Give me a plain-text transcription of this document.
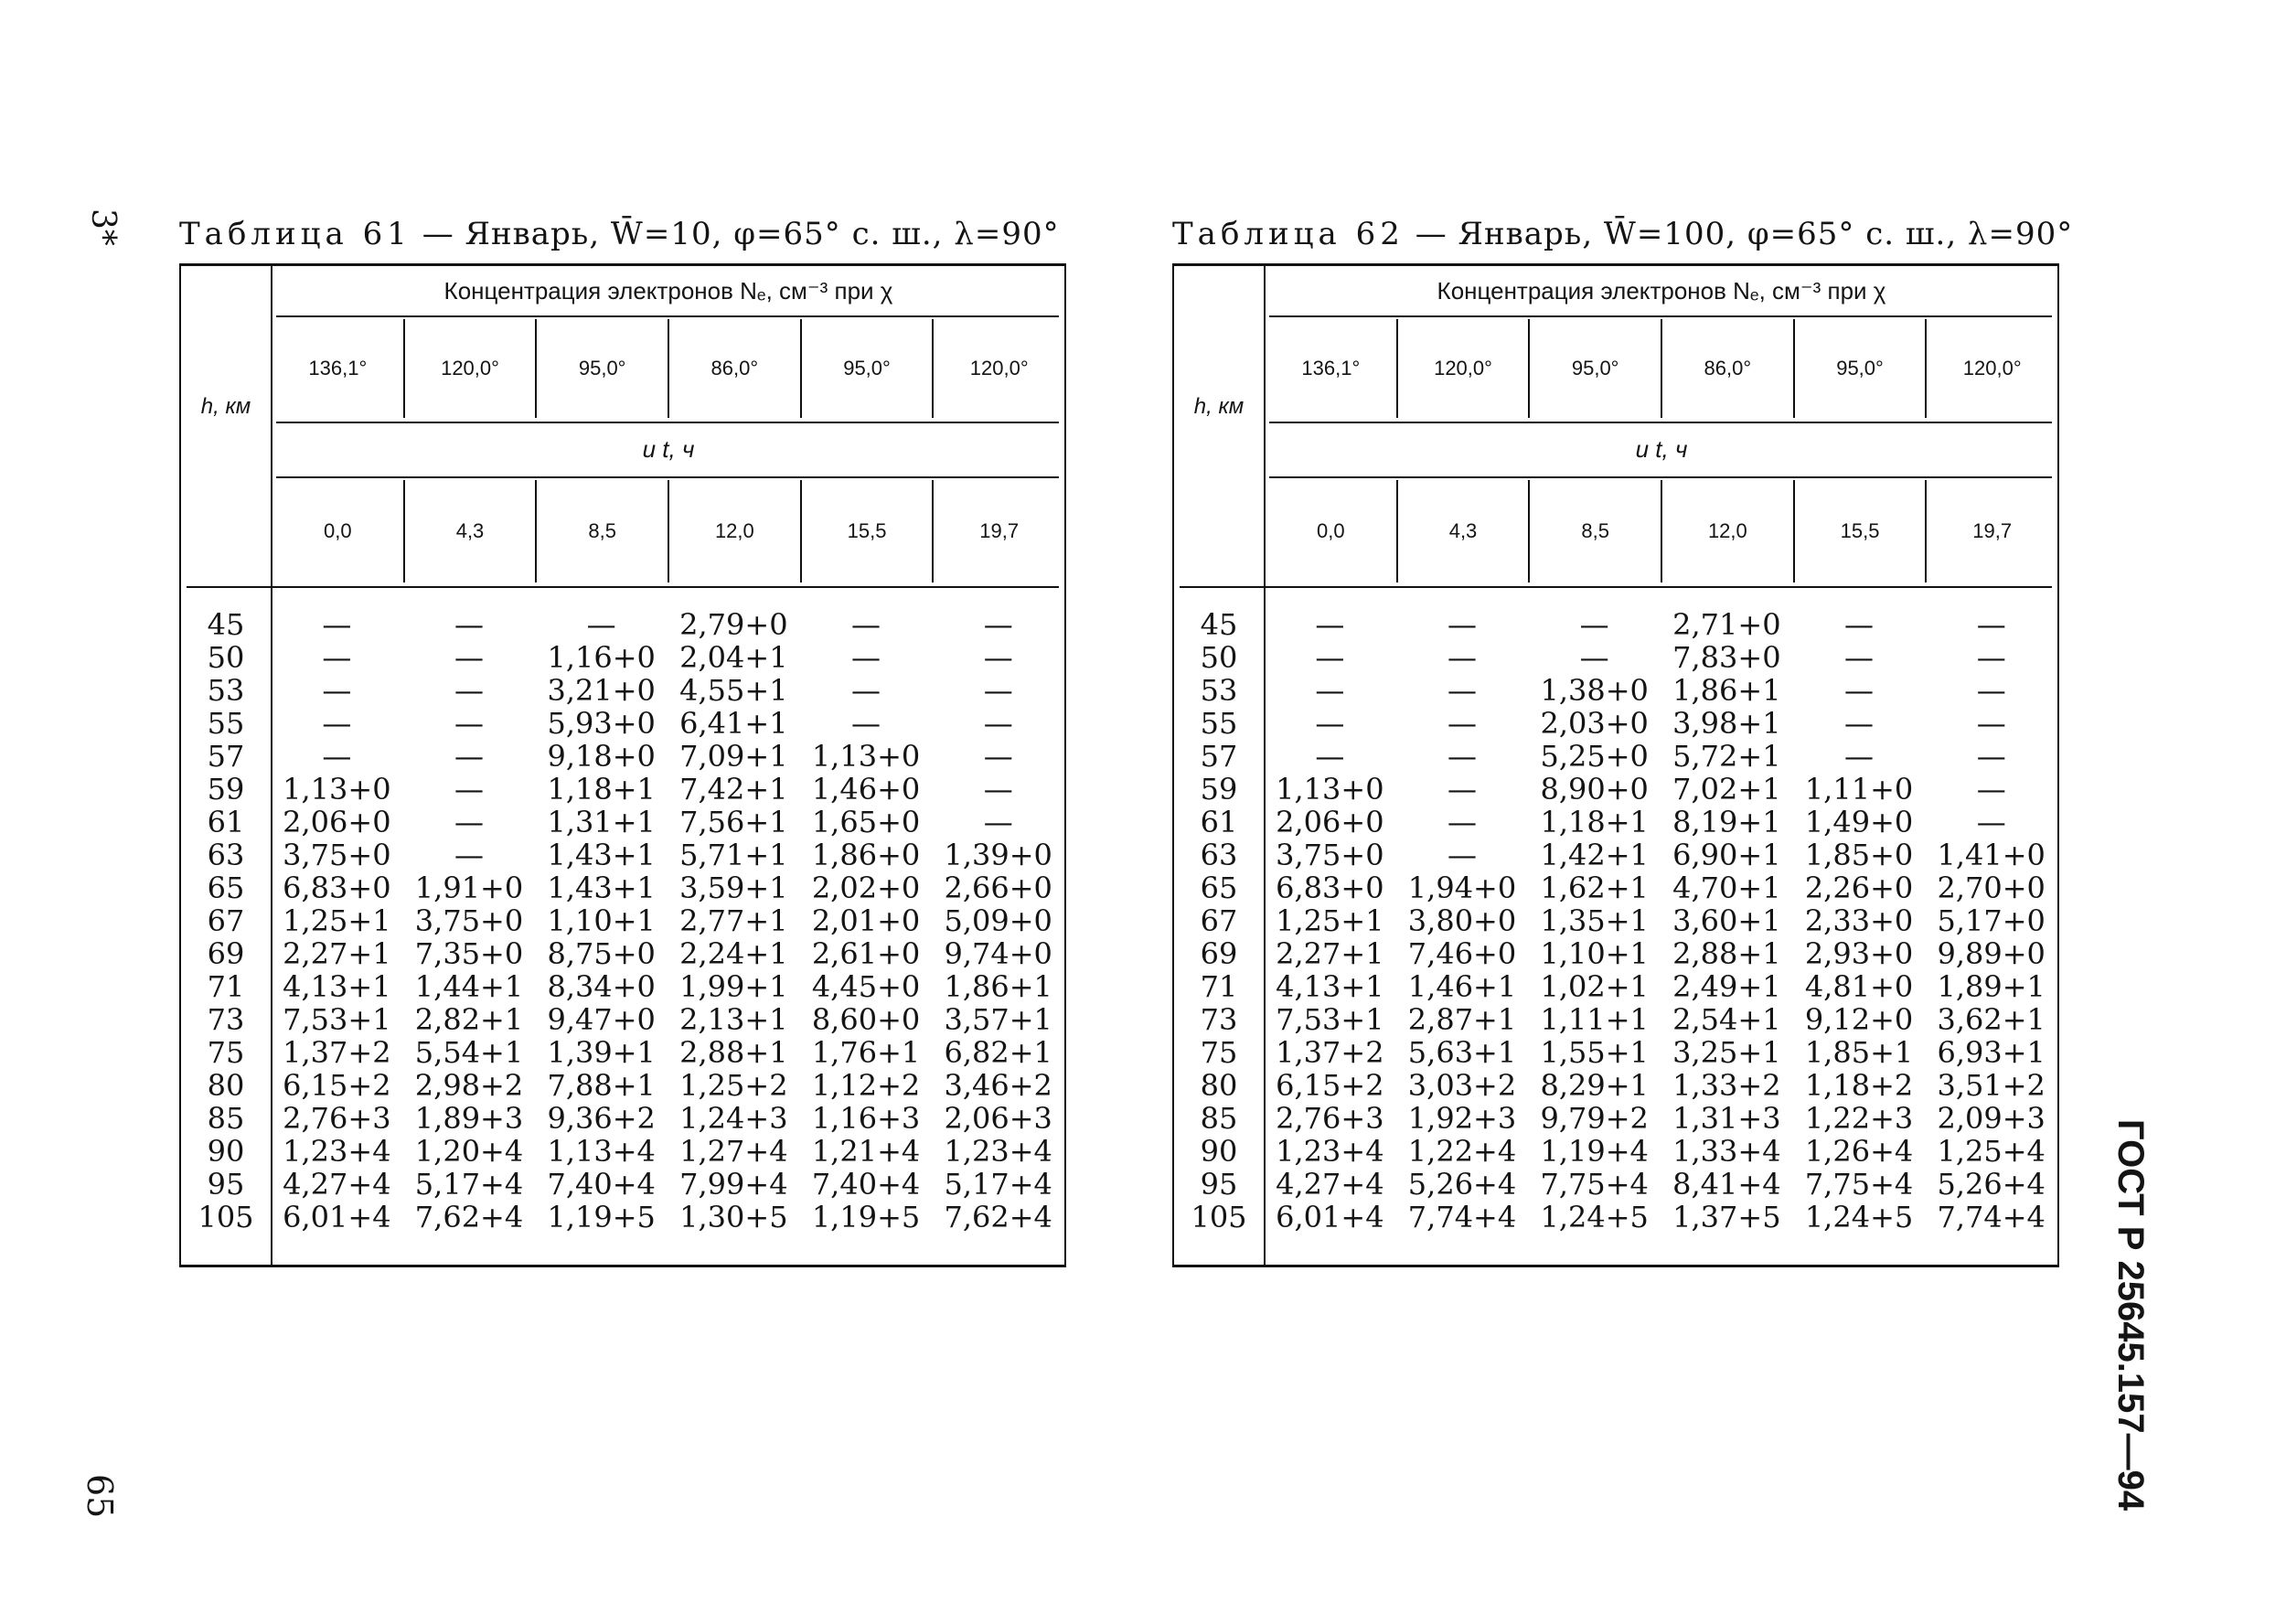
3*
65	ГОСТ Р 25645.157—94
Таблица 61 — Январь, W̄=10, φ=65° с. ш., λ=90°
Концентрация электронов Nₑ, см⁻³ при χ
h, км
136,1°	120,0°	95,0°	86,0°	95,0°	120,0°
и t, ч
0,0	4,3	8,5	12,0	15,5	19,7
45	—	—	—	2,79+0	—	—
50	—	—	1,16+0 2,04+1	—	—
53	—	—	3,21+0 4,55+1	—	—
55	—	—	5,93+0 6,41+1	—	—
57	—	—	9,18+0 7,09+1 1,13+0	—
59	1,13+0	—	1,18+1 7,42+1 1,46+0	—
61	2,06+0	—	1,31+1 7,56+1 1,65+0	—
63	3,75+0	—	1,43+1 5,71+1 1,86+0 1,39+0
65	6,83+0 1,91+0 1,43+1 3,59+1 2,02+0 2,66+0
67	1,25+1 3,75+0 1,10+1 2,77+1 2,01+0 5,09+0
69	2,27+1 7,35+0 8,75+0 2,24+1 2,61+0 9,74+0
71	4,13+1 1,44+1 8,34+0 1,99+1 4,45+0 1,86+1
73	7,53+1 2,82+1 9,47+0 2,13+1 8,60+0 3,57+1
75	1,37+2 5,54+1 1,39+1 2,88+1 1,76+1 6,82+1
80	6,15+2 2,98+2 7,88+1 1,25+2 1,12+2 3,46+2
85	2,76+3 1,89+3 9,36+2 1,24+3 1,16+3 2,06+3
90	1,23+4 1,20+4 1,13+4 1,27+4 1,21+4 1,23+4
95	4,27+4 5,17+4 7,40+4 7,99+4 7,40+4 5,17+4
105 6,01+4 7,62+4 1,19+5 1,30+5 1,19+5 7,62+4
Таблица 62 — Январь, W̄=100, φ=65° с. ш., λ=90°
Концентрация электронов Nₑ, см⁻³ при χ
h, км
136,1°	120,0°	95,0°	86,0°	95,0°	120,0°
и t, ч
0,0	4,3	8,5	12,0	15,5	19,7
45	—	—	—	2,71+0	—	—
50	—	—	—	7,83+0	—	—
53	—	—	1,38+0 1,86+1	—	—
55	—	—	2,03+0 3,98+1	—	—
57	—	—	5,25+0 5,72+1	—	—
59	1,13+0	—	8,90+0 7,02+1 1,11+0	—
61	2,06+0	—	1,18+1 8,19+1 1,49+0	—
63	3,75+0	—	1,42+1 6,90+1 1,85+0 1,41+0
65	6,83+0 1,94+0 1,62+1 4,70+1 2,26+0 2,70+0
67	1,25+1 3,80+0 1,35+1 3,60+1 2,33+0 5,17+0
69	2,27+1 7,46+0 1,10+1 2,88+1 2,93+0 9,89+0
71	4,13+1 1,46+1 1,02+1 2,49+1 4,81+0 1,89+1
73	7,53+1 2,87+1 1,11+1 2,54+1 9,12+0 3,62+1
75	1,37+2 5,63+1 1,55+1 3,25+1 1,85+1 6,93+1
80	6,15+2 3,03+2 8,29+1 1,33+2 1,18+2 3,51+2
85	2,76+3 1,92+3 9,79+2 1,31+3 1,22+3 2,09+3
90	1,23+4 1,22+4 1,19+4 1,33+4 1,26+4 1,25+4
95	4,27+4 5,26+4 7,75+4 8,41+4 7,75+4 5,26+4
105 6,01+4 7,74+4 1,24+5 1,37+5 1,24+5 7,74+4
